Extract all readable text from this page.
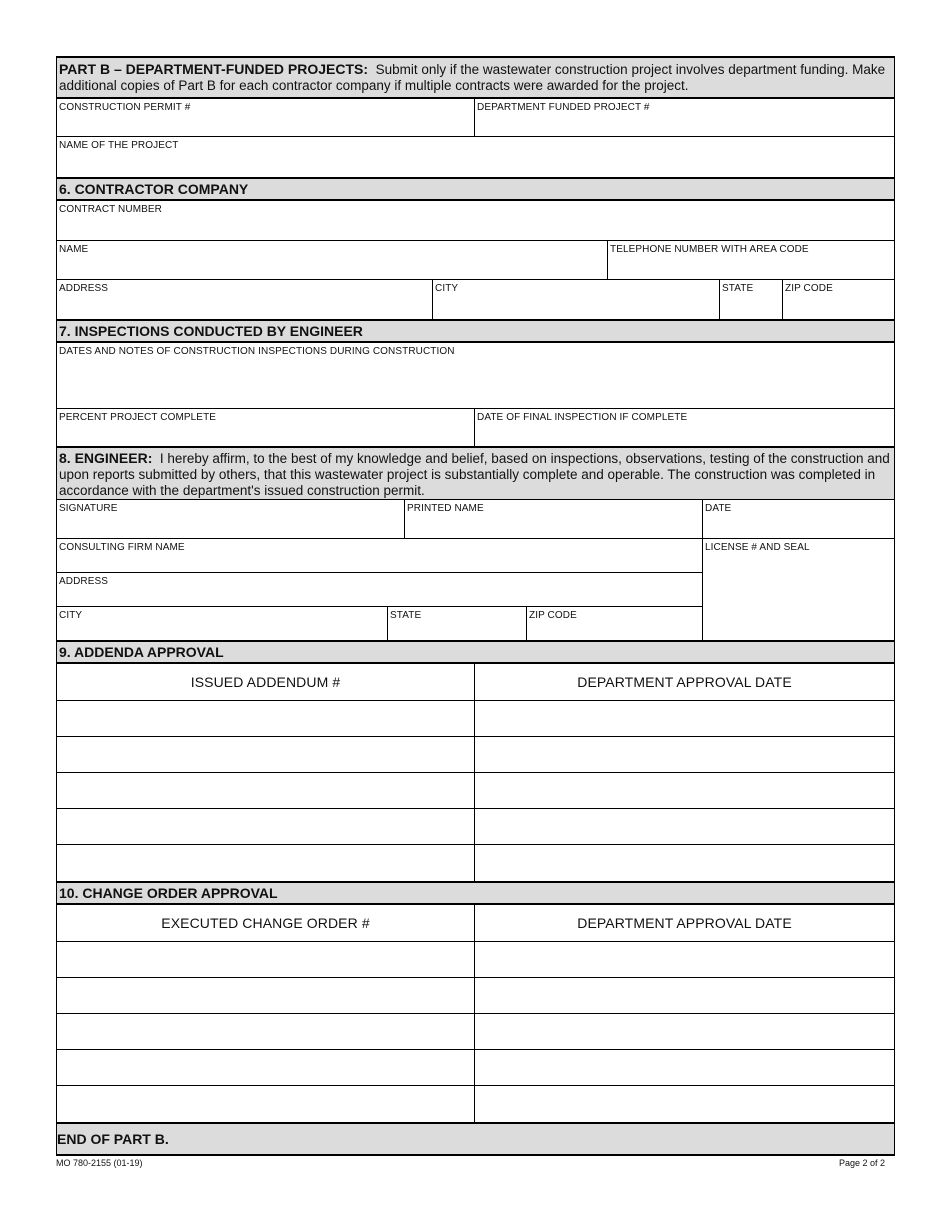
PART B – DEPARTMENT-FUNDED PROJECTS: Submit only if the wastewater construction project involves department funding. Make additional copies of Part B for each contractor company if multiple contracts were awarded for the project.
CONSTRUCTION PERMIT #	DEPARTMENT FUNDED PROJECT #
NAME OF THE PROJECT
6. CONTRACTOR COMPANY
CONTRACT NUMBER
NAME	TELEPHONE NUMBER WITH AREA CODE
ADDRESS	CITY	STATE	ZIP CODE
7. INSPECTIONS CONDUCTED BY ENGINEER
DATES AND NOTES OF CONSTRUCTION INSPECTIONS DURING CONSTRUCTION
PERCENT PROJECT COMPLETE	DATE OF FINAL INSPECTION IF COMPLETE
8. ENGINEER: I hereby affirm, to the best of my knowledge and belief, based on inspections, observations, testing of the construction and upon reports submitted by others, that this wastewater project is substantially complete and operable. The construction was completed in accordance with the department's issued construction permit.
SIGNATURE	PRINTED NAME	DATE
CONSULTING FIRM NAME
ADDRESS
CITY	STATE	ZIP CODE
LICENSE # AND SEAL
9. ADDENDA APPROVAL
ISSUED ADDENDUM #	DEPARTMENT APPROVAL DATE
10. CHANGE ORDER APPROVAL
EXECUTED CHANGE ORDER #	DEPARTMENT APPROVAL DATE
END OF PART B.
MO 780-2155 (01-19)	Page 2 of 2
